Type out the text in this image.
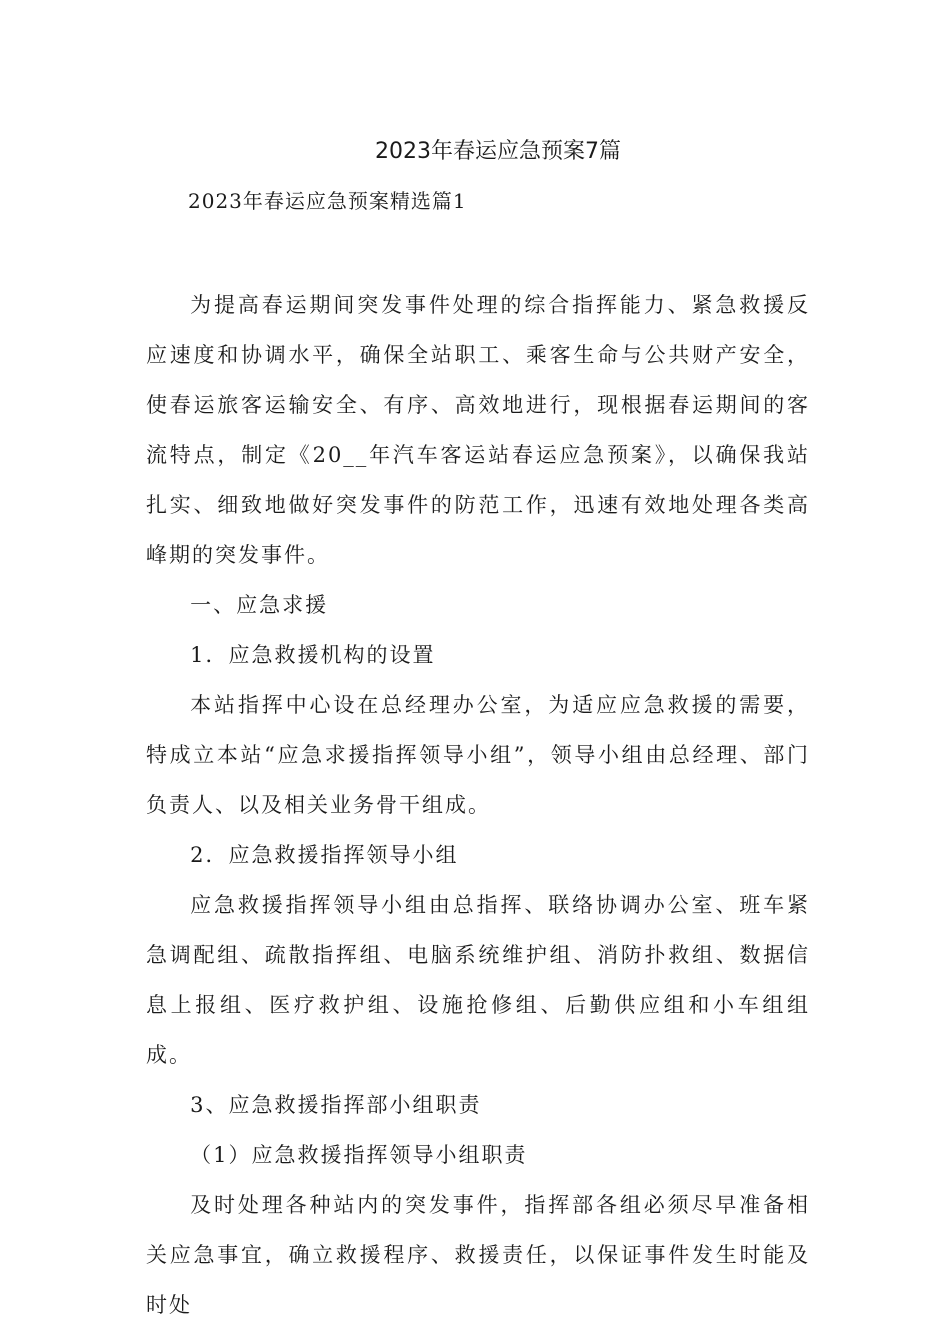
2023年春运应急预案7篇
2023年春运应急预案精选篇1

为提高春运期间突发事件处理的综合指挥能力、紧急救援反应速度和协调水平，确保全站职工、乘客生命与公共财产安全，使春运旅客运输安全、有序、高效地进行，现根据春运期间的客流特点，制定《20__年汽车客运站春运应急预案》，以确保我站扎实、细致地做好突发事件的防范工作，迅速有效地处理各类高峰期的突发事件。

一、应急求援

1．应急救援机构的设置

本站指挥中心设在总经理办公室，为适应应急救援的需要，特成立本站“应急求援指挥领导小组”，领导小组由总经理、部门负责人、以及相关业务骨干组成。

2．应急救援指挥领导小组

应急救援指挥领导小组由总指挥、联络协调办公室、班车紧急调配组、疏散指挥组、电脑系统维护组、消防扑救组、数据信息上报组、医疗救护组、设施抢修组、后勤供应组和小车组组成。

3、应急救援指挥部小组职责

（1）应急救援指挥领导小组职责

及时处理各种站内的突发事件，指挥部各组必须尽早准备相关应急事宜，确立救援程序、救援责任，以保证事件发生时能及时处
